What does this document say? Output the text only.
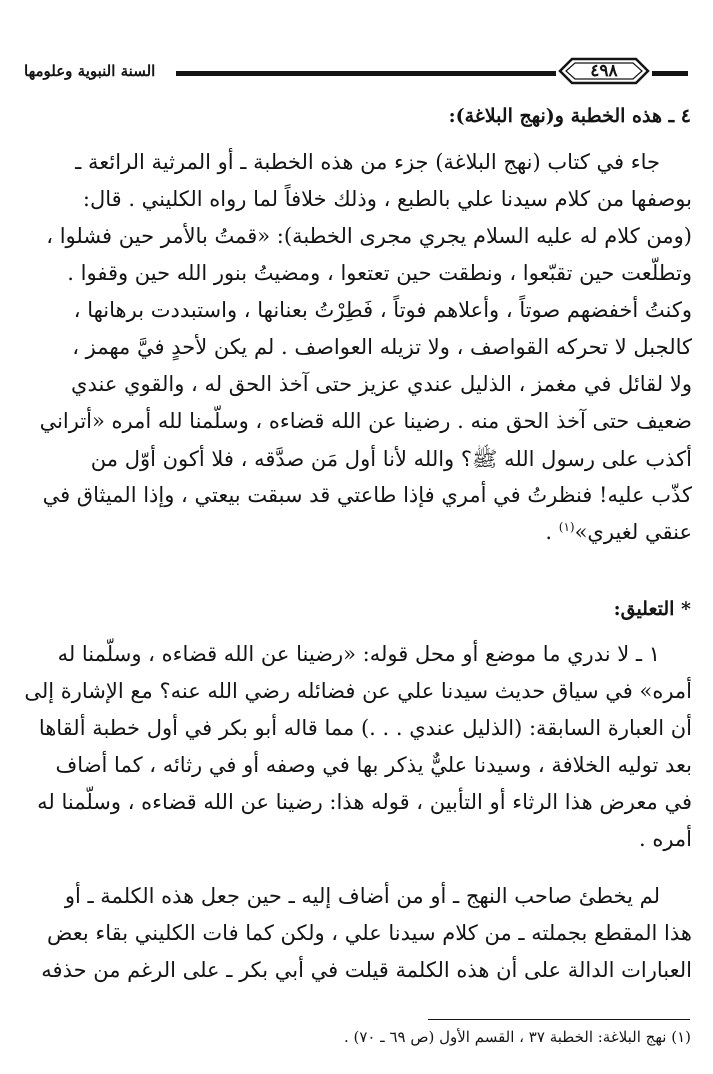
السنة النبوية وعلومها	٤٩٨
٤ ـ هذه الخطبة و(نهج البلاغة):
جاء في كتاب (نهج البلاغة) جزء من هذه الخطبة ـ أو المرثية الرائعة ـ
بوصفها من كلام سيدنا علي بالطبع ، وذلك خلافاً لما رواه الكليني . قال:
(ومن كلام له عليه السلام يجري مجرى الخطبة): «قمتُ بالأمر حين فشلوا ،
وتطلّعت حين تقبّعوا ، ونطقت حين تعتعوا ، ومضيتُ بنور الله حين وقفوا .
وكنتُ أخفضهم صوتاً ، وأعلاهم فوتاً ، فَطِرْتُ بعنانها ، واستبددت برهانها ،
كالجبل لا تحركه القواصف ، ولا تزيله العواصف . لم يكن لأحدٍ فيَّ مهمز ،
ولا لقائل في مغمز ، الذليل عندي عزيز حتى آخذ الحق له ، والقوي عندي
ضعيف حتى آخذ الحق منه . رضينا عن الله قضاءه ، وسلّمنا لله أمره «أتراني
أكذب على رسول الله ﷺ؟ والله لأنا أول مَن صدَّقه ، فلا أكون أوّل من
كذّب عليه! فنظرتُ في أمري فإذا طاعتي قد سبقت بيعتي ، وإذا الميثاق في
عنقي لغيري»$^{(١)}$ .
* التعليق:
١ ـ لا ندري ما موضع أو محل قوله: «رضينا عن الله قضاءه ، وسلّمنا له
أمره» في سياق حديث سيدنا علي عن فضائله رضي الله عنه؟ مع الإشارة إلى
أن العبارة السابقة: (الذليل عندي . . .) مما قاله أبو بكر في أول خطبة ألقاها
بعد توليه الخلافة ، وسيدنا عليٌّ يذكر بها في وصفه أو في رثائه ، كما أضاف
في معرض هذا الرثاء أو التأبين ، قوله هذا: رضينا عن الله قضاءه ، وسلّمنا له
أمره .
لم يخطئ صاحب النهج ـ أو من أضاف إليه ـ حين جعل هذه الكلمة ـ أو
هذا المقطع بجملته ـ من كلام سيدنا علي ، ولكن كما فات الكليني بقاء بعض
العبارات الدالة على أن هذه الكلمة قيلت في أبي بكر ـ على الرغم من حذفه
(١) نهج البلاغة: الخطبة ٣٧ ، القسم الأول (ص ٦٩ ـ ٧٠) .
